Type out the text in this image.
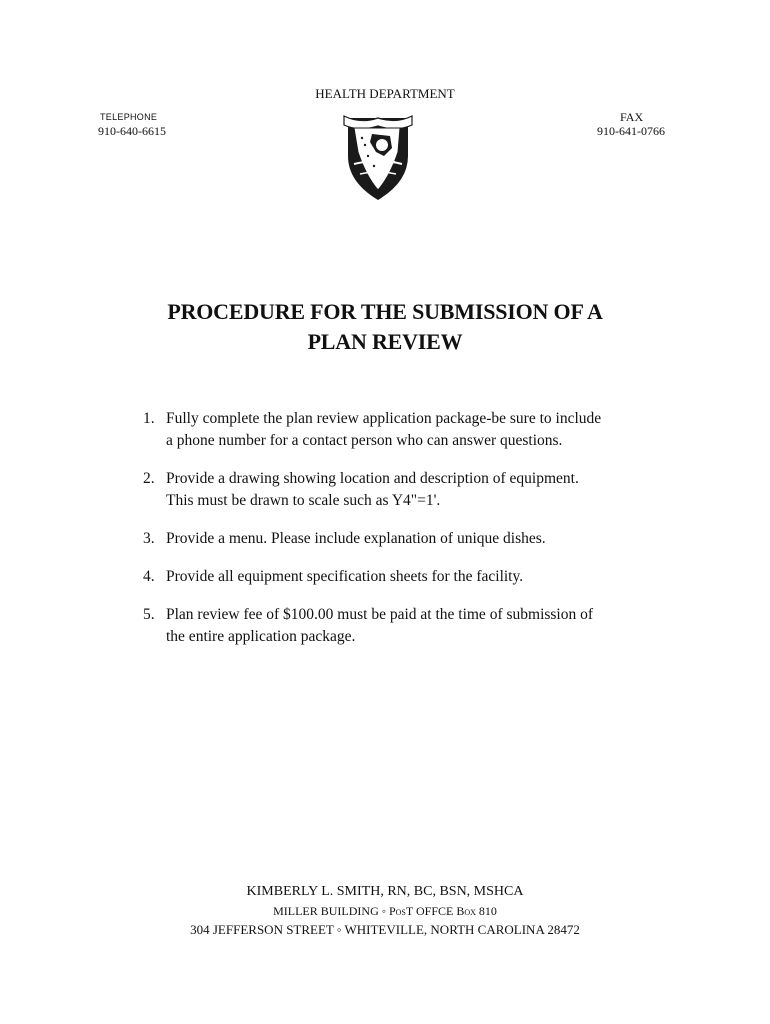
HEALTH DEPARTMENT
TELEPHONE
910-640-6615
FAX
910-641-0766
PROCEDURE FOR THE SUBMISSION OF A
PLAN REVIEW
1. Fully complete the plan review application package-be sure to include
a phone number for a contact person who can answer questions.
2. Provide a drawing showing location and description of equipment.
This must be drawn to scale such as Y4"=1'.
3. Provide a menu. Please include explanation of unique dishes.
4. Provide all equipment specification sheets for the facility.
5. Plan review fee of $100.00 must be paid at the time of submission of
the entire application package.
KIMBERLY L. SMITH, RN, BC, BSN, MSHCA
MILLER BUILDING ◦ PosT OFFCE Box 810
304 JEFFERSON STREET ◦ WHITEVILLE, NORTH CAROLINA 28472
